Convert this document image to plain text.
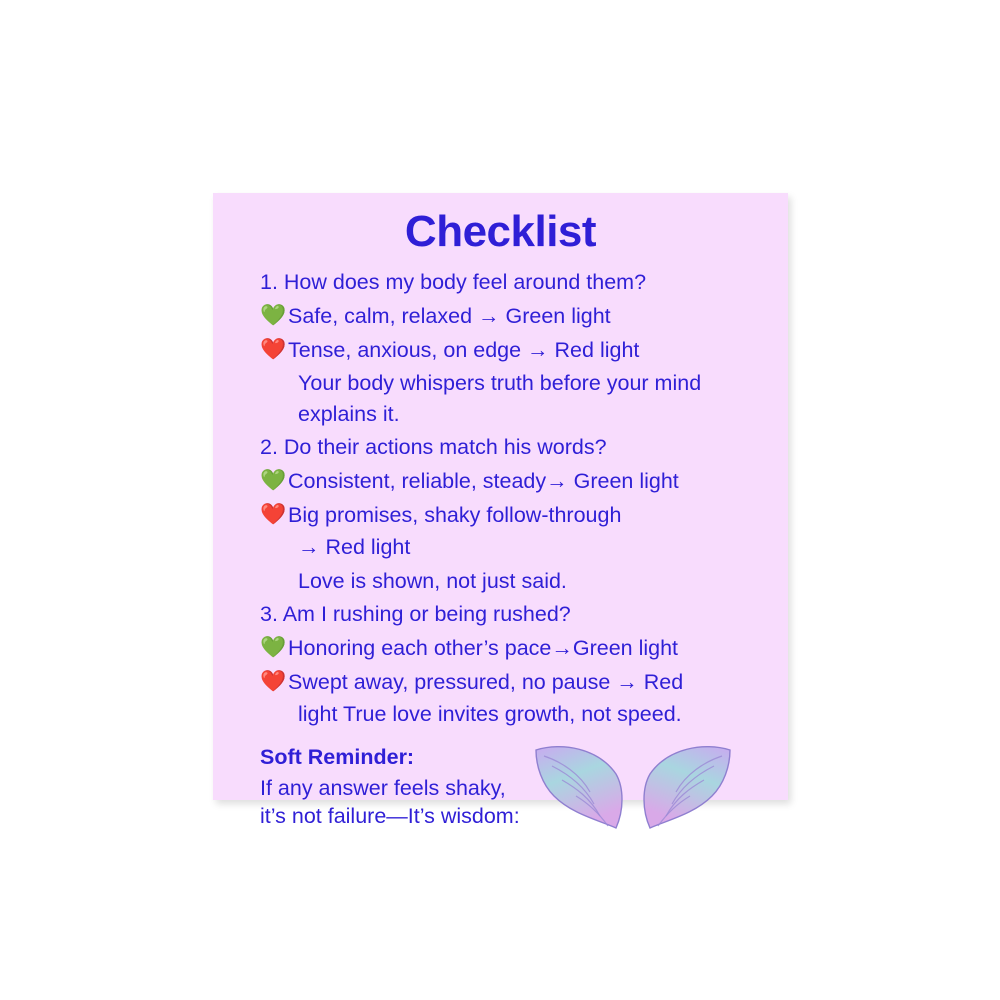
Checklist
1. How does my body feel around them?
💚 Safe, calm, relaxed → Green light
❤️ Tense, anxious, on edge → Red light
Your body whispers truth before your mind explains it.
2. Do their actions match his words?
💚 Consistent, reliable, steady→ Green light
❤️ Big promises, shaky follow-through
→ Red light
Love is shown, not just said.
3. Am I rushing or being rushed?
💚 Honoring each other’s pace→Green light
❤️ Swept away, pressured, no pause → Red
light True love invites growth, not speed.
Soft Reminder:
If any answer feels shaky,
it’s not failure—It’s wisdom:
